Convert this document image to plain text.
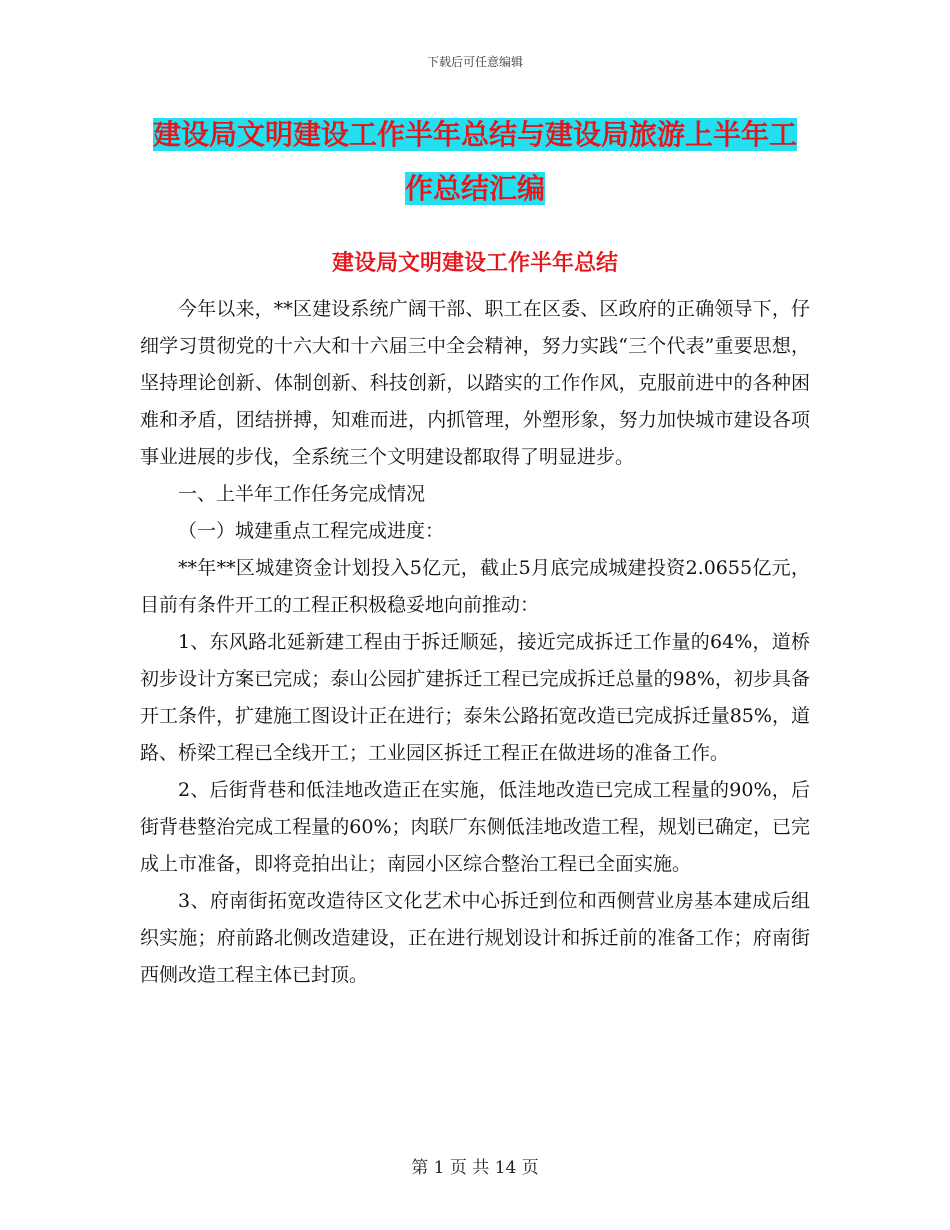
下载后可任意编辑
建设局文明建设工作半年总结与建设局旅游上半年工
作总结汇编
建设局文明建设工作半年总结

今年以来，**区建设系统广阔干部、职工在区委、区政府的正确领导下，仔细学习贯彻党的十六大和十六届三中全会精神，努力实践“三个代表”重要思想，坚持理论创新、体制创新、科技创新，以踏实的工作作风，克服前进中的各种困难和矛盾，团结拼搏，知难而进，内抓管理，外塑形象，努力加快城市建设各项事业进展的步伐，全系统三个文明建设都取得了明显进步。

一、上半年工作任务完成情况

（一）城建重点工程完成进度：

**年**区城建资金计划投入5亿元，截止5月底完成城建投资2.0655亿元，目前有条件开工的工程正积极稳妥地向前推动：

1、东风路北延新建工程由于拆迁顺延，接近完成拆迁工作量的64%，道桥初步设计方案已完成；泰山公园扩建拆迁工程已完成拆迁总量的98%，初步具备开工条件，扩建施工图设计正在进行；泰朱公路拓宽改造已完成拆迁量85%，道路、桥梁工程已全线开工；工业园区拆迁工程正在做进场的准备工作。

2、后街背巷和低洼地改造正在实施，低洼地改造已完成工程量的90%，后街背巷整治完成工程量的60%；肉联厂东侧低洼地改造工程，规划已确定，已完成上市准备，即将竞拍出让；南园小区综合整治工程已全面实施。

3、府南街拓宽改造待区文化艺术中心拆迁到位和西侧营业房基本建成后组织实施；府前路北侧改造建设，正在进行规划设计和拆迁前的准备工作；府南街西侧改造工程主体已封顶。

第 1 页 共 14 页
